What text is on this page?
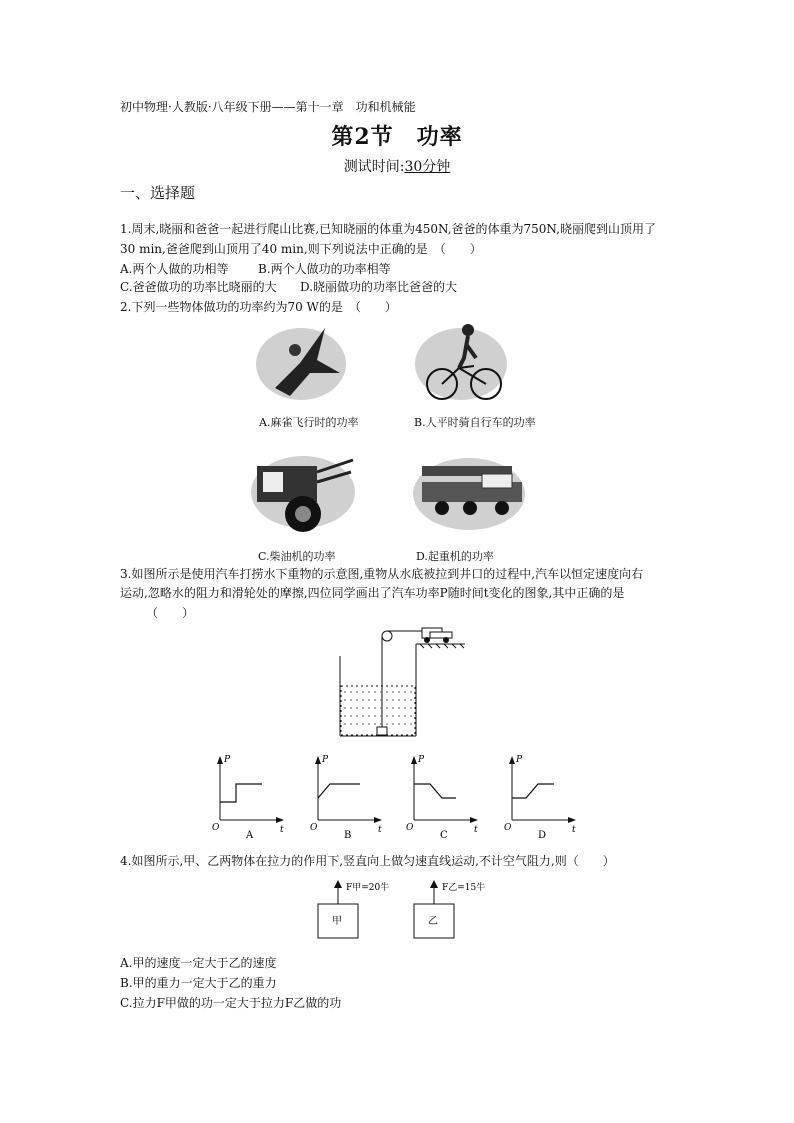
初中物理·人教版·八年级下册——第十一章　功和机械能
第2节　功率
测试时间:30分钟
一、选择题
1.周末,晓丽和爸爸一起进行爬山比赛,已知晓丽的体重为450N,爸爸的体重为750N,晓丽爬到山顶用了
30 min,爸爸爬到山顶用了40 min,则下列说法中正确的是　（　　）
A.两个人做的功相等 B.两个人做功的功率相等
C.爸爸做功的功率比晓丽的大 D.晓丽做功的功率比爸爸的大
2.下列一些物体做功的功率约为70 W的是　（　　）
A.麻雀飞行时的功率	B.人平时骑自行车的功率
C.柴油机的功率	D.起重机的功率
3.如图所示是使用汽车打捞水下重物的示意图,重物从水底被拉到井口的过程中,汽车以恒定速度向右
运动,忽略水的阻力和滑轮处的摩擦,四位同学画出了汽车功率P随时间t变化的图象,其中正确的是
（　　）
P
t
O
A
P
t
O
B
P
t
O
C
P
t
O
D
4.如图所示,甲、乙两物体在拉力的作用下,竖直向上做匀速直线运动,不计空气阻力,则（　　）
F甲=20牛	F乙=15牛
甲	乙
A.甲的速度一定大于乙的速度
B.甲的重力一定大于乙的重力
C.拉力F甲做的功一定大于拉力F乙做的功
